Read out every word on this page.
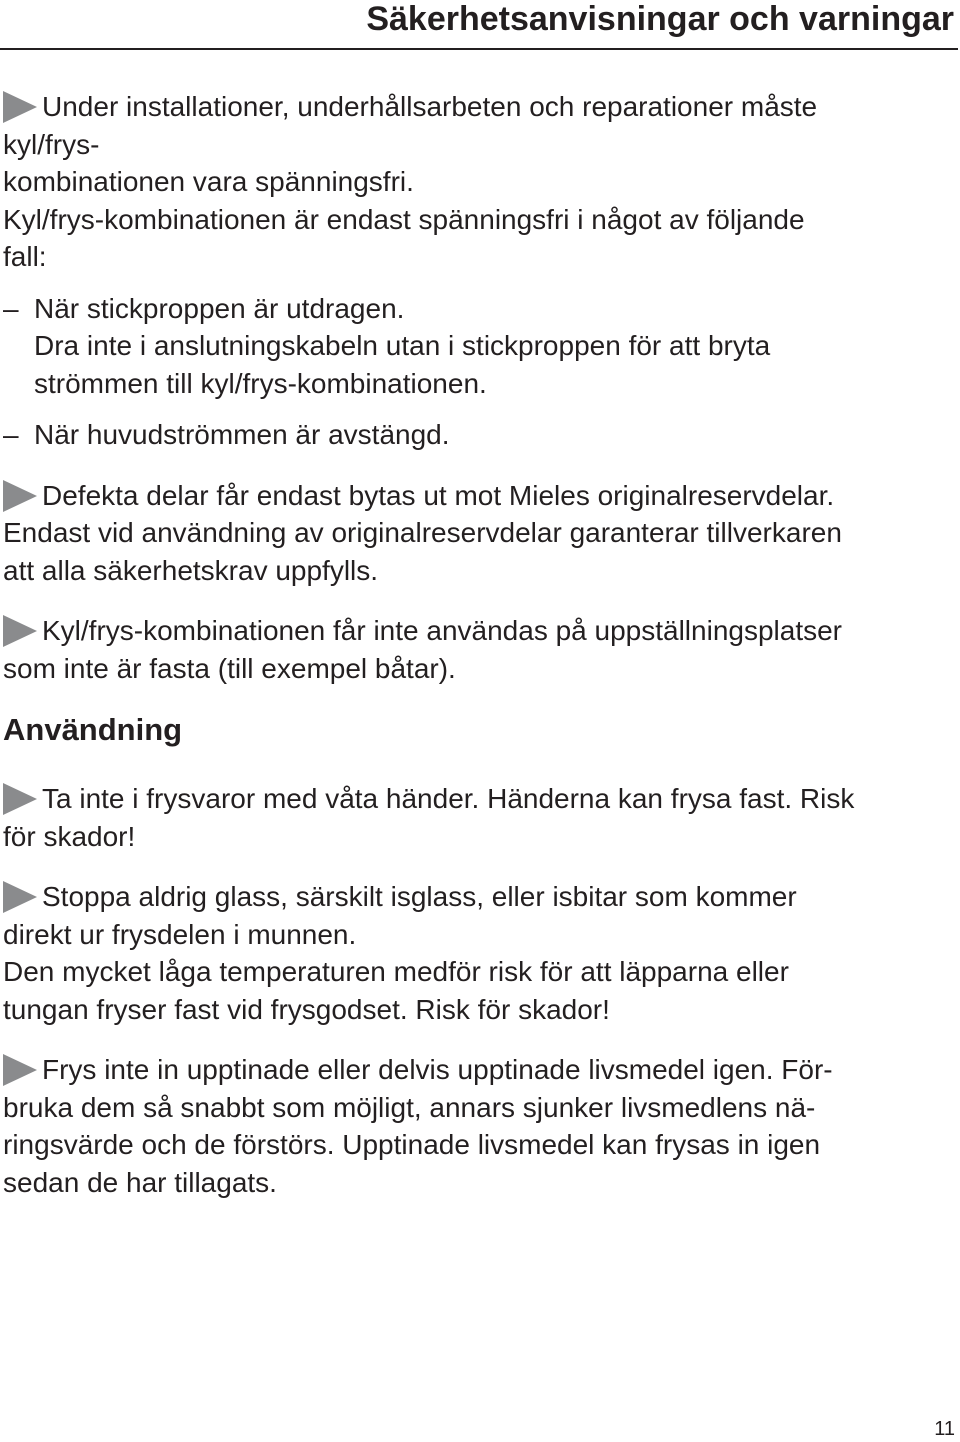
Säkerhetsanvisningar och varningar
Under installationer, underhållsarbeten och reparationer måste
kyl/frys-
kombinationen vara spänningsfri.
Kyl/frys-kombinationen är endast spänningsfri i något av följande
fall:
– När stickproppen är utdragen.
Dra inte i anslutningskabeln utan i stickproppen för att bryta
strömmen till kyl/frys-kombinationen.
– När huvudströmmen är avstängd.
Defekta delar får endast bytas ut mot Mieles originalreservdelar.
Endast vid användning av originalreservdelar garanterar tillverkaren
att alla säkerhetskrav uppfylls.
Kyl/frys-kombinationen får inte användas på uppställningsplatser
som inte är fasta (till exempel båtar).
Användning
Ta inte i frysvaror med våta händer. Händerna kan frysa fast. Risk
för skador!
Stoppa aldrig glass, särskilt isglass, eller isbitar som kommer
direkt ur frysdelen i munnen.
Den mycket låga temperaturen medför risk för att läpparna eller
tungan fryser fast vid frysgodset. Risk för skador!
Frys inte in upptinade eller delvis upptinade livsmedel igen. För-
bruka dem så snabbt som möjligt, annars sjunker livsmedlens nä-
ringsvärde och de förstörs. Upptinade livsmedel kan frysas in igen
sedan de har tillagats.
11
